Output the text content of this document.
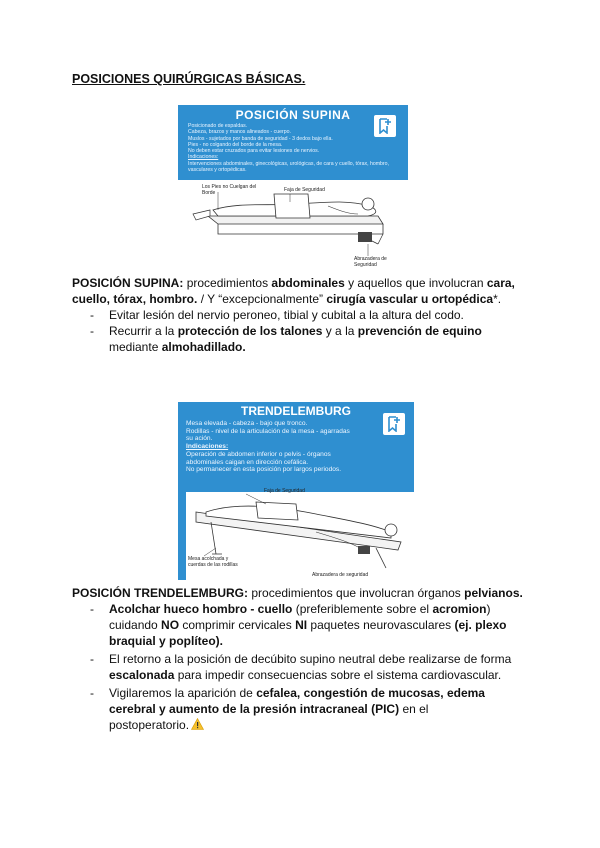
POSICIONES QUIRÚRGICAS BÁSICAS.
POSICIÓN SUPINA
Posicionado de espaldas.
Cabeza, brazos y manos alineados - cuerpo.
Muslos - sujetados por banda de seguridad - 3 dedos bajo ella.
Pies - no colgando del borde de la mesa.
No deben estar cruzados para evitar lesiones de nervios.
Indicaciones:
Intervenciones abdominales, ginecológicas, urológicas, de cara y cuello, tórax, hombro, vasculares y ortopédicas.
Los Pies no Cuelgan del Borde	Faja de Seguridad
Abrazadera de Seguridad
POSICIÓN SUPINA: procedimientos abdominales y aquellos que involucran cara,
cuello, tórax, hombro. / Y “excepcionalmente” cirugía vascular u ortopédica*.
- Evitar lesión del nervio peroneo, tibial y cubital a la altura del codo.
- Recurrir a la protección de los talones y a la prevención de equino
mediante almohadillado.
TRENDELEMBURG
Mesa elevada - cabeza - bajo que tronco.
Rodillas - nivel de la articulación de la mesa - agarradas
su ación.
Indicaciones:
Operación de abdomen inferior o pelvis - órganos
abdominales caigan en dirección cefálica.
No permanecer en esta posición por largos periodos.
Faja de Seguridad
Mesa acolchada y cuerdas de las rodillas
Abrazadera de seguridad
POSICIÓN TRENDELEMBURG: procedimientos que involucran órganos pelvianos.
- Acolchar hueco hombro - cuello (preferiblemente sobre el acromion)
cuidando NO comprimir cervicales NI paquetes neurovasculares (ej. plexo
braquial y poplíteo).
- El retorno a la posición de decúbito supino neutral debe realizarse de forma
escalonada para impedir consecuencias sobre el sistema cardiovascular.
- Vigilaremos la aparición de cefalea, congestión de mucosas, edema
cerebral y aumento de la presión intracraneal (PIC) en el
postoperatorio.
